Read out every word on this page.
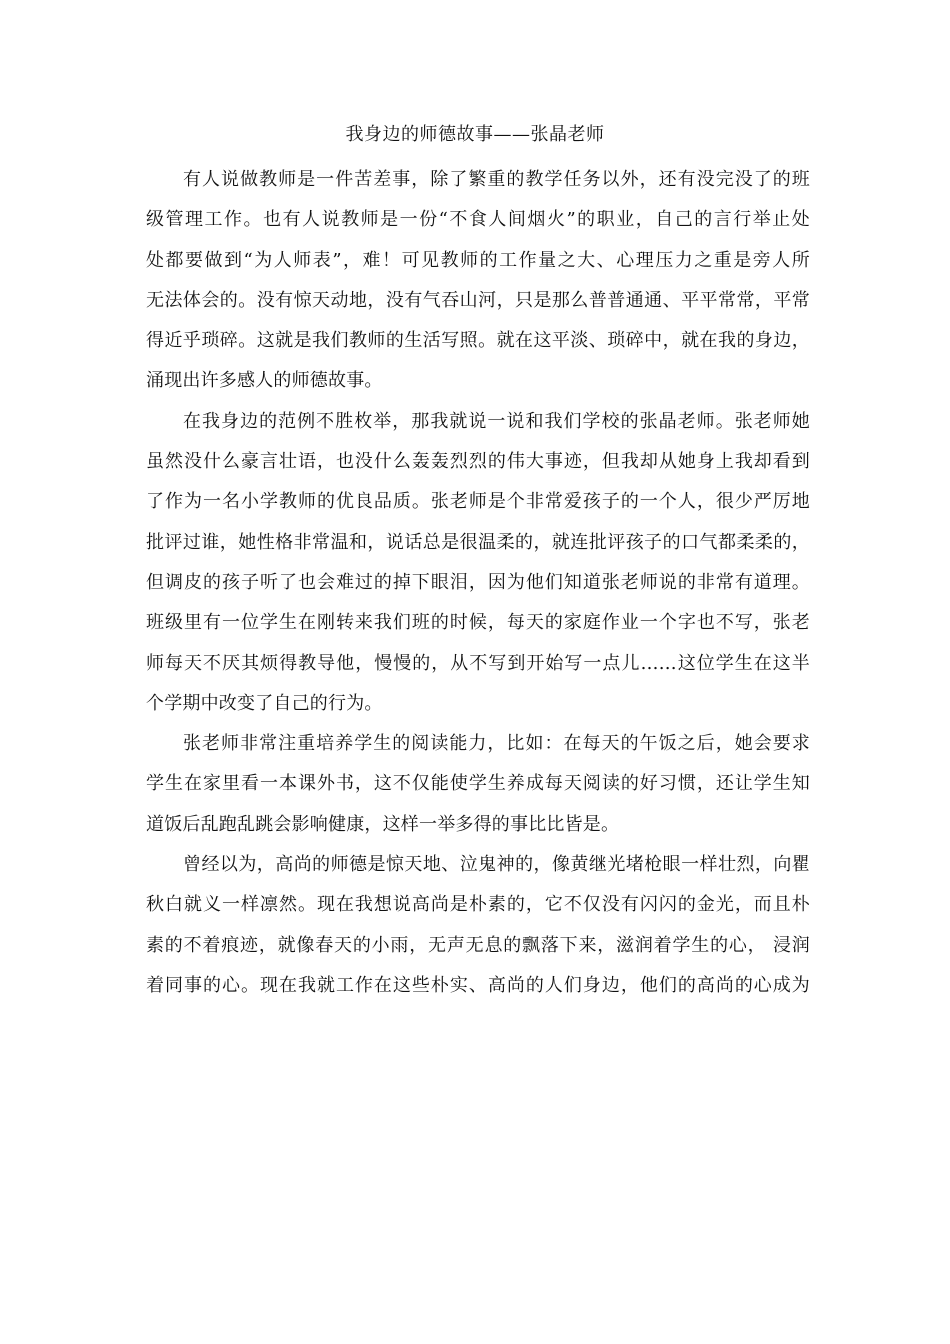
我身边的师德故事——张晶老师
有人说做教师是一件苦差事，除了繁重的教学任务以外，还有没完没了的班
级管理工作。也有人说教师是一份“不食人间烟火”的职业，自己的言行举止处
处都要做到“为人师表”，难！可见教师的工作量之大、心理压力之重是旁人所
无法体会的。没有惊天动地，没有气吞山河，只是那么普普通通、平平常常，平常
得近乎琐碎。这就是我们教师的生活写照。就在这平淡、琐碎中，就在我的身边，
涌现出许多感人的师德故事。
在我身边的范例不胜枚举，那我就说一说和我们学校的张晶老师。张老师她
虽然没什么豪言壮语，也没什么轰轰烈烈的伟大事迹，但我却从她身上我却看到
了作为一名小学教师的优良品质。张老师是个非常爱孩子的一个人，很少严厉地
批评过谁，她性格非常温和，说话总是很温柔的，就连批评孩子的口气都柔柔的，
但调皮的孩子听了也会难过的掉下眼泪，因为他们知道张老师说的非常有道理。
班级里有一位学生在刚转来我们班的时候，每天的家庭作业一个字也不写，张老
师每天不厌其烦得教导他，慢慢的，从不写到开始写一点儿……这位学生在这半
个学期中改变了自己的行为。
张老师非常注重培养学生的阅读能力，比如：在每天的午饭之后，她会要求
学生在家里看一本课外书，这不仅能使学生养成每天阅读的好习惯，还让学生知
道饭后乱跑乱跳会影响健康，这样一举多得的事比比皆是。
曾经以为，高尚的师德是惊天地、泣鬼神的，像黄继光堵枪眼一样壮烈，向瞿
秋白就义一样凛然。现在我想说高尚是朴素的，它不仅没有闪闪的金光，而且朴
素的不着痕迹，就像春天的小雨，无声无息的飘落下来，滋润着学生的心， 浸润
着同事的心。现在我就工作在这些朴实、高尚的人们身边，他们的高尚的心成为
